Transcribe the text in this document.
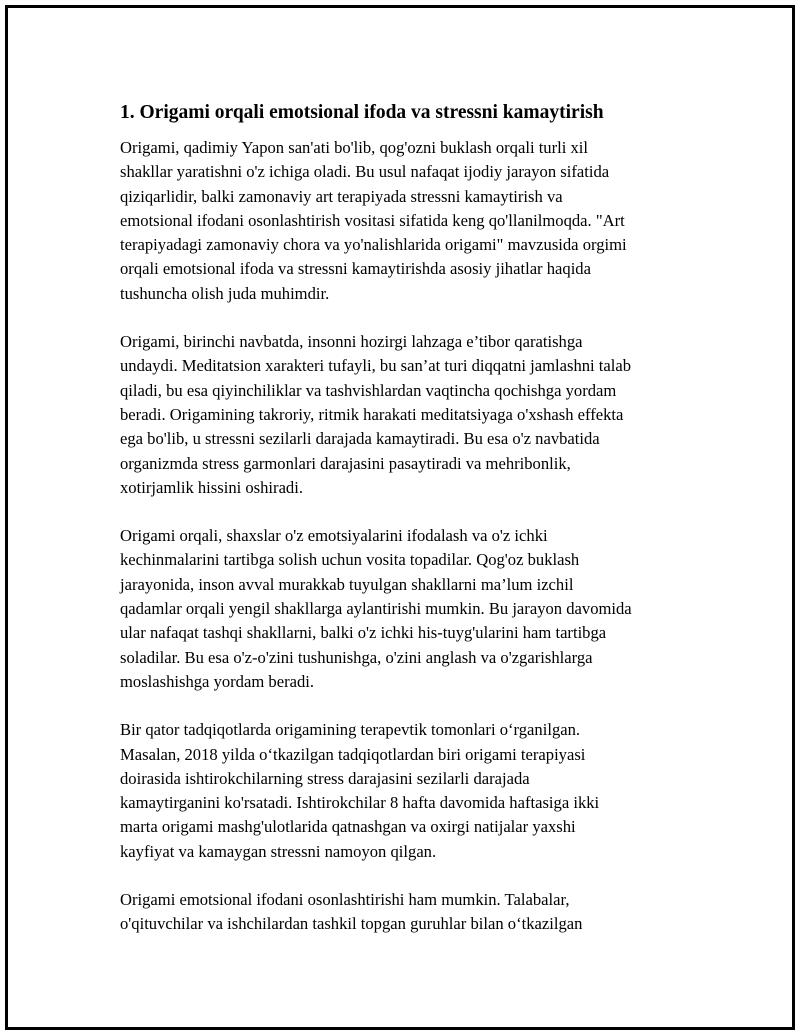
1. Origami orqali emotsional ifoda va stressni kamaytirish

Origami, qadimiy Yapon san'ati bo'lib, qog'ozni buklash orqali turli xil
shakllar yaratishni o'z ichiga oladi. Bu usul nafaqat ijodiy jarayon sifatida
qiziqarlidir, balki zamonaviy art terapiyada stressni kamaytirish va
emotsional ifodani osonlashtirish vositasi sifatida keng qo'llanilmoqda. "Art
terapiyadagi zamonaviy chora va yo'nalishlarida origami" mavzusida orgimi
orqali emotsional ifoda va stressni kamaytirishda asosiy jihatlar haqida
tushuncha olish juda muhimdir.

Origami, birinchi navbatda, insonni hozirgi lahzaga e’tibor qaratishga
undaydi. Meditatsion xarakteri tufayli, bu san’at turi diqqatni jamlashni talab
qiladi, bu esa qiyinchiliklar va tashvishlardan vaqtincha qochishga yordam
beradi. Origamining takroriy, ritmik harakati meditatsiyaga o'xshash effekta
ega bo'lib, u stressni sezilarli darajada kamaytiradi. Bu esa o'z navbatida
organizmda stress garmonlari darajasini pasaytiradi va mehribonlik,
xotirjamlik hissini oshiradi.

Origami orqali, shaxslar o'z emotsiyalarini ifodalash va o'z ichki
kechinmalarini tartibga solish uchun vosita topadilar. Qog'oz buklash
jarayonida, inson avval murakkab tuyulgan shakllarni ma’lum izchil
qadamlar orqali yengil shakllarga aylantirishi mumkin. Bu jarayon davomida
ular nafaqat tashqi shakllarni, balki o'z ichki his-tuyg'ularini ham tartibga
soladilar. Bu esa o'z-o'zini tushunishga, o'zini anglash va o'zgarishlarga
moslashishga yordam beradi.

Bir qator tadqiqotlarda origamining terapevtik tomonlari o‘rganilgan.
Masalan, 2018 yilda o‘tkazilgan tadqiqotlardan biri origami terapiyasi
doirasida ishtirokchilarning stress darajasini sezilarli darajada
kamaytirganini ko'rsatadi. Ishtirokchilar 8 hafta davomida haftasiga ikki
marta origami mashg'ulotlarida qatnashgan va oxirgi natijalar yaxshi
kayfiyat va kamaygan stressni namoyon qilgan.

Origami emotsional ifodani osonlashtirishi ham mumkin. Talabalar,
o'qituvchilar va ishchilardan tashkil topgan guruhlar bilan o‘tkazilgan
